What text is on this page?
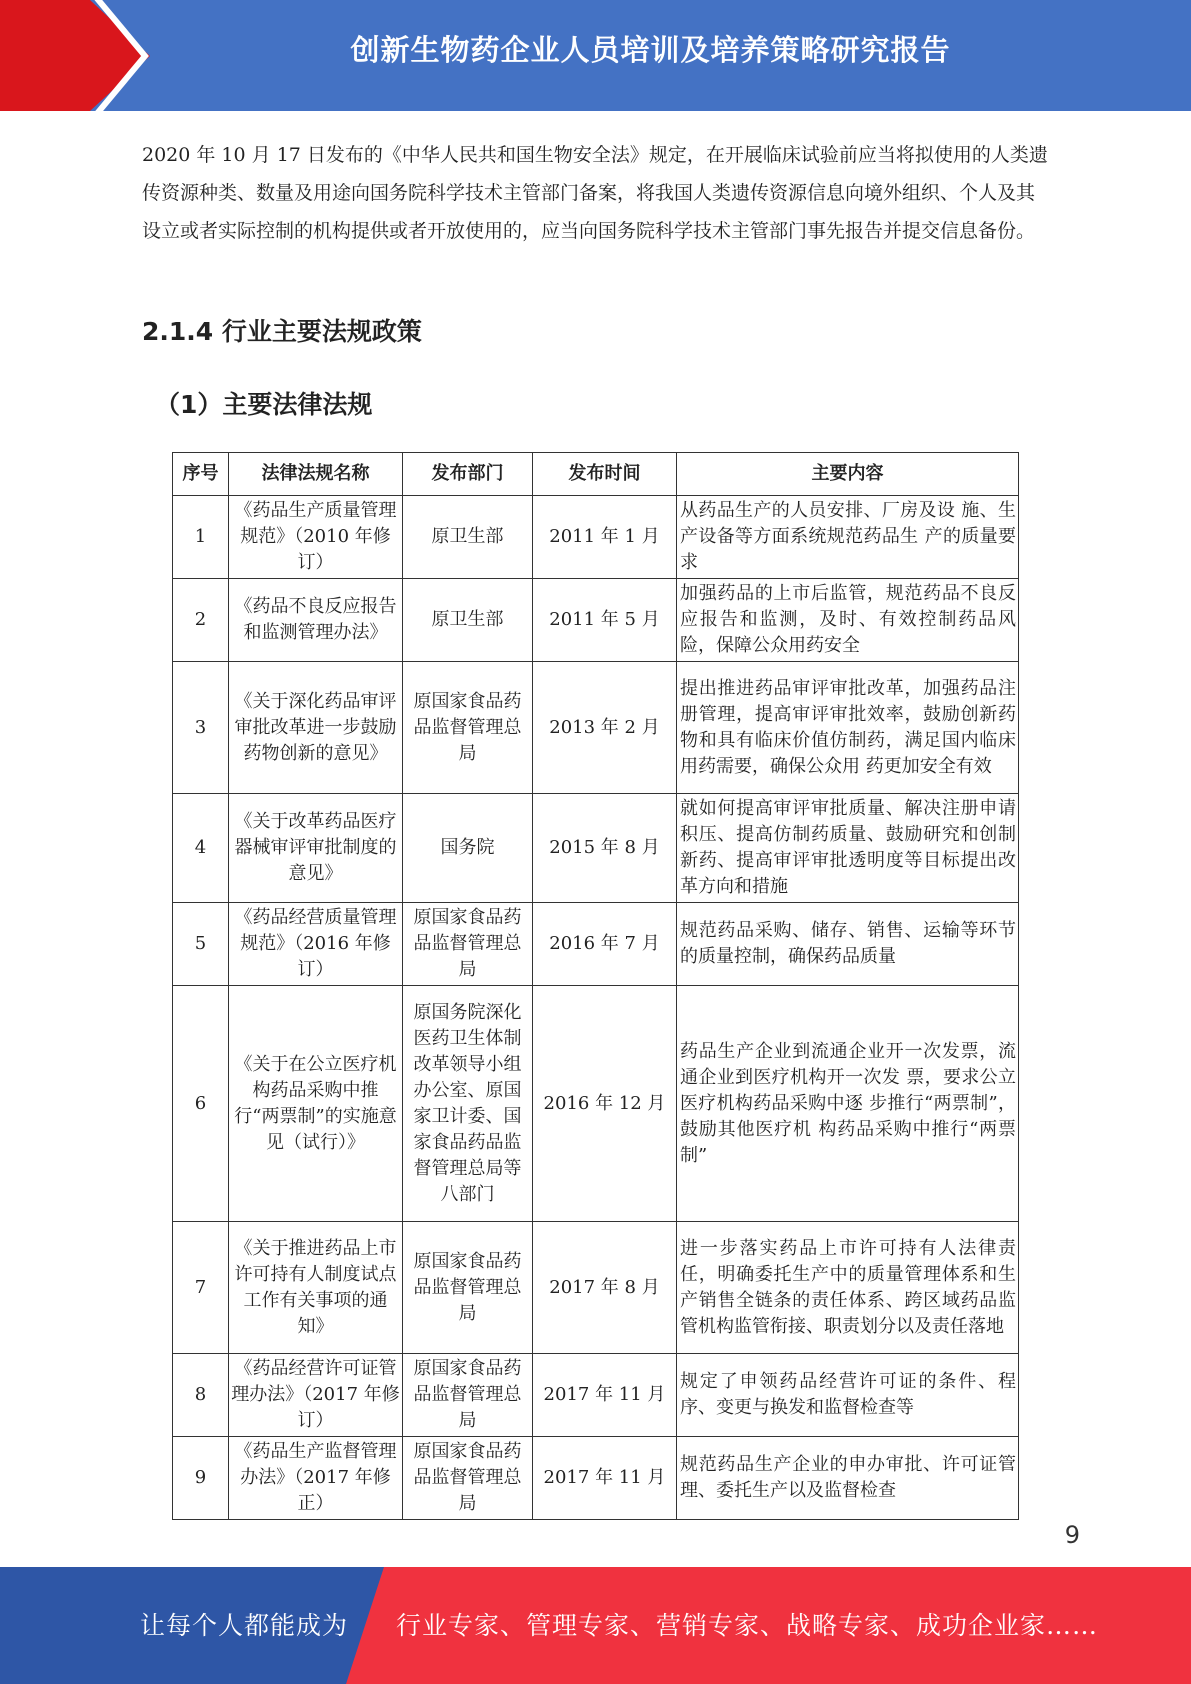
创新生物药企业人员培训及培养策略研究报告

2020 年 10 月 17 日发布的《中华人民共和国生物安全法》规定，在开展临床试验前应当将拟使用的人类遗传资源种类、数量及用途向国务院科学技术主管部门备案，将我国人类遗传资源信息向境外组织、个人及其设立或者实际控制的机构提供或者开放使用的，应当向国务院科学技术主管部门事先报告并提交信息备份。

2.1.4 行业主要法规政策
（1）主要法律法规
序号	法律法规名称	发布部门	发布时间	主要内容
1	《药品生产质量管理规范》（2010 年修订）	原卫生部	2011 年 1 月	从药品生产的人员安排、厂房及设 施、生产设备等方面系统规范药品生 产的质量要求
2	《药品不良反应报告和监测管理办法》	原卫生部	2011 年 5 月	加强药品的上市后监管，规范药品不良反应报告和监测，及时、有效控制药品风险，保障公众用药安全
3	《关于深化药品审评审批改革进一步鼓励药物创新的意见》	原国家食品药品监督管理总局	2013 年 2 月	提出推进药品审评审批改革，加强药品注册管理，提高审评审批效率，鼓励创新药物和具有临床价值仿制药，满足国内临床用药需要，确保公众用 药更加安全有效
4	《关于改革药品医疗器械审评审批制度的意见》	国务院	2015 年 8 月	就如何提高审评审批质量、解决注册申请积压、提高仿制药质量、鼓励研究和创制新药、提高审评审批透明度等目标提出改革方向和措施
5	《药品经营质量管理规范》（2016 年修订）	原国家食品药品监督管理总局	2016 年 7 月	规范药品采购、储存、销售、运输等环节的质量控制，确保药品质量
6	《关于在公立医疗机构药品采购中推行“两票制”的实施意见（试行）》	原国务院深化医药卫生体制改革领导小组办公室、原国家卫计委、国家食品药品监督管理总局等八部门	2016 年 12 月	药品生产企业到流通企业开一次发票，流通企业到医疗机构开一次发 票，要求公立医疗机构药品采购中逐 步推行“两票制”，鼓励其他医疗机 构药品采购中推行“两票制”
7	《关于推进药品上市许可持有人制度试点工作有关事项的通知》	原国家食品药品监督管理总局	2017 年 8 月	进一步落实药品上市许可持有人法律责任，明确委托生产中的质量管理体系和生产销售全链条的责任体系、跨区域药品监管机构监管衔接、职责划分以及责任落地
8	《药品经营许可证管理办法》（2017 年修订）	原国家食品药品监督管理总局	2017 年 11 月	规定了申领药品经营许可证的条件、程序、变更与换发和监督检查等
9	《药品生产监督管理办法》（2017 年修正）	原国家食品药品监督管理总局	2017 年 11 月	规范药品生产企业的申办审批、许可证管理、委托生产以及监督检查
9
让每个人都能成为 行业专家、管理专家、营销专家、战略专家、成功企业家……
